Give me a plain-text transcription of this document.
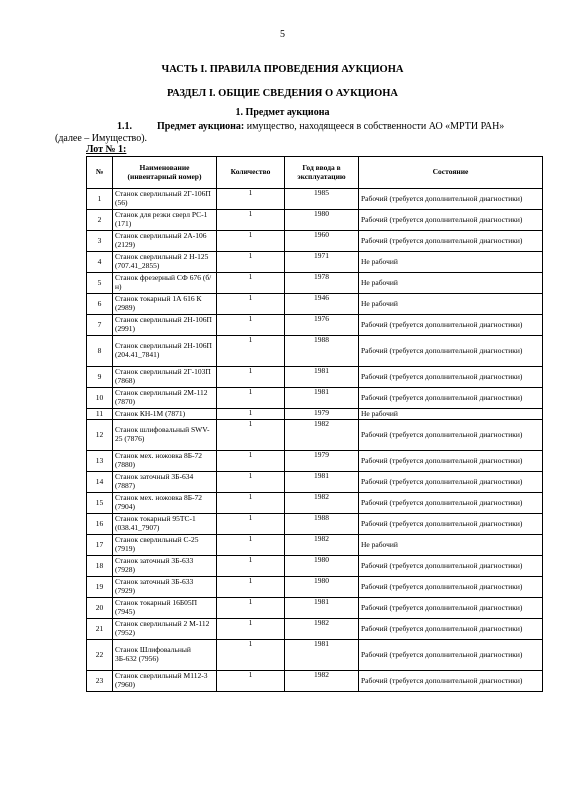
5
ЧАСТЬ I. ПРАВИЛА ПРОВЕДЕНИЯ АУКЦИОНА
РАЗДЕЛ I. ОБЩИЕ СВЕДЕНИЯ О АУКЦИОНА
1. Предмет аукциона
1.1.	Предмет аукциона: имущество, находящееся в собственности АО «МРТИ РАН»
(далее – Имущество).
Лот № 1:
№	Наименование (инвентарный номер)	Количество	Год ввода в эксплуатацию	Состояние
1	Станок сверлильный 2Г-106П (56)	1	1985	Рабочий (требуется дополнительной диагностики)
2	Станок для резки сверл РС-1 (171)	1	1980	Рабочий (требуется дополнительной диагностики)
3	Станок сверлильный 2А-106 (2129)	1	1960	Рабочий (требуется дополнительной диагностики)
4	Станок сверлильный 2 Н-125 (707.41_2855)	1	1971	Не рабочий
5	Станок фрезерный СФ 676 (б/н)	1	1978	Не рабочий
6	Станок токарный 1А 616 К (2989)	1	1946	Не рабочий
7	Станок сверлильный 2Н-106П (2991)	1	1976	Рабочий (требуется дополнительной диагностики)
8	Станок сверлильный 2Н-106П (204.41_7841)	1	1988	Рабочий (требуется дополнительной диагностики)
9	Станок сверлильный 2Г-103П (7868)	1	1981	Рабочий (требуется дополнительной диагностики)
10	Станок сверлильный 2М-112 (7870)	1	1981	Рабочий (требуется дополнительной диагностики)
11	Станок КН-1М (7871)	1	1979	Не рабочий
12	Станок шлифовальный SWV-25 (7876)	1	1982	Рабочий (требуется дополнительной диагностики)
13	Станок мех. ножовка 8Б-72 (7880)	1	1979	Рабочий (требуется дополнительной диагностики)
14	Станок заточный 3Б-634 (7887)	1	1981	Рабочий (требуется дополнительной диагностики)
15	Станок мех. ножовка 8Б-72 (7904)	1	1982	Рабочий (требуется дополнительной диагностики)
16	Станок токарный 95ТС-1 (038.41_7907)	1	1988	Рабочий (требуется дополнительной диагностики)
17	Станок сверлильный С-25 (7919)	1	1982	Не рабочий
18	Станок заточный 3Б-633 (7928)	1	1980	Рабочий (требуется дополнительной диагностики)
19	Станок заточный 3Б-633 (7929)	1	1980	Рабочий (требуется дополнительной диагностики)
20	Станок токарный 16Б05П (7945)	1	1981	Рабочий (требуется дополнительной диагностики)
21	Станок сверлильный 2 М-112 (7952)	1	1982	Рабочий (требуется дополнительной диагностики)
22	Станок Шлифовальный 3Б-632 (7956)	1	1981	Рабочий (требуется дополнительной диагностики)
23	Станок сверлильный М112-3 (7960)	1	1982	Рабочий (требуется дополнительной диагностики)
